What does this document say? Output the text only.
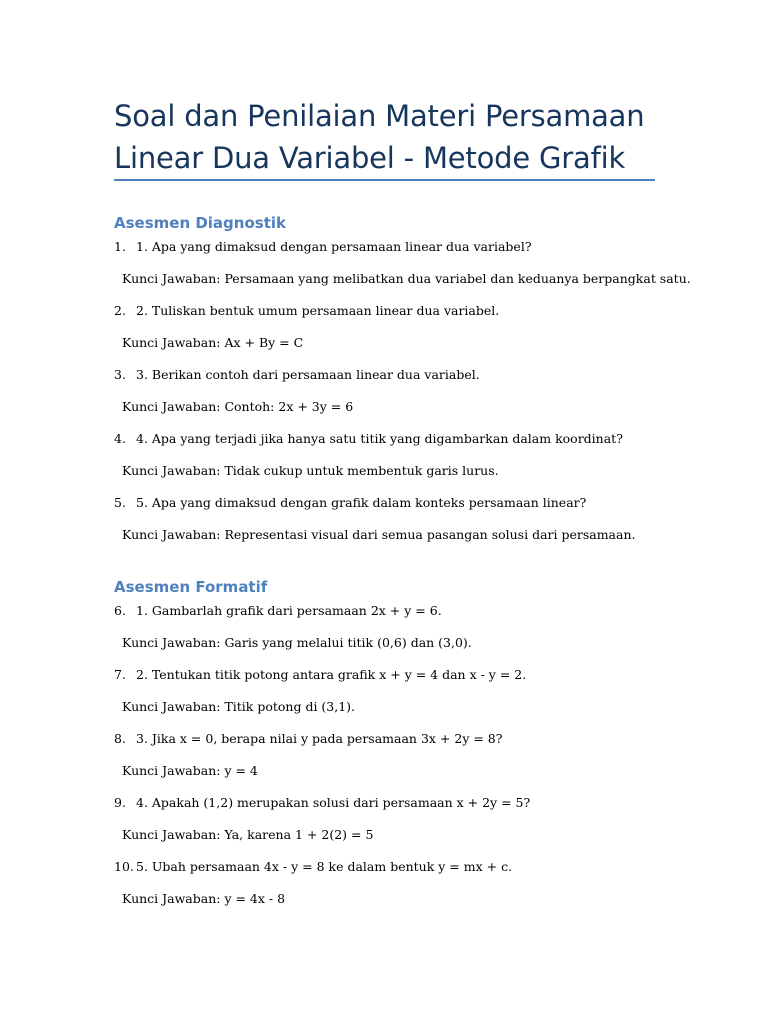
Soal dan Penilaian Materi Persamaan Linear Dua Variabel - Metode Grafik
Asesmen Diagnostik
1. 1. Apa yang dimaksud dengan persamaan linear dua variabel?
Kunci Jawaban: Persamaan yang melibatkan dua variabel dan keduanya berpangkat satu.
2. 2. Tuliskan bentuk umum persamaan linear dua variabel.
Kunci Jawaban: Ax + By = C
3. 3. Berikan contoh dari persamaan linear dua variabel.
Kunci Jawaban: Contoh: 2x + 3y = 6
4. 4. Apa yang terjadi jika hanya satu titik yang digambarkan dalam koordinat?
Kunci Jawaban: Tidak cukup untuk membentuk garis lurus.
5. 5. Apa yang dimaksud dengan grafik dalam konteks persamaan linear?
Kunci Jawaban: Representasi visual dari semua pasangan solusi dari persamaan.
Asesmen Formatif
6. 1. Gambarlah grafik dari persamaan 2x + y = 6.
Kunci Jawaban: Garis yang melalui titik (0,6) dan (3,0).
7. 2. Tentukan titik potong antara grafik x + y = 4 dan x - y = 2.
Kunci Jawaban: Titik potong di (3,1).
8. 3. Jika x = 0, berapa nilai y pada persamaan 3x + 2y = 8?
Kunci Jawaban: y = 4
9. 4. Apakah (1,2) merupakan solusi dari persamaan x + 2y = 5?
Kunci Jawaban: Ya, karena 1 + 2(2) = 5
10. 5. Ubah persamaan 4x - y = 8 ke dalam bentuk y = mx + c.
Kunci Jawaban: y = 4x - 8
